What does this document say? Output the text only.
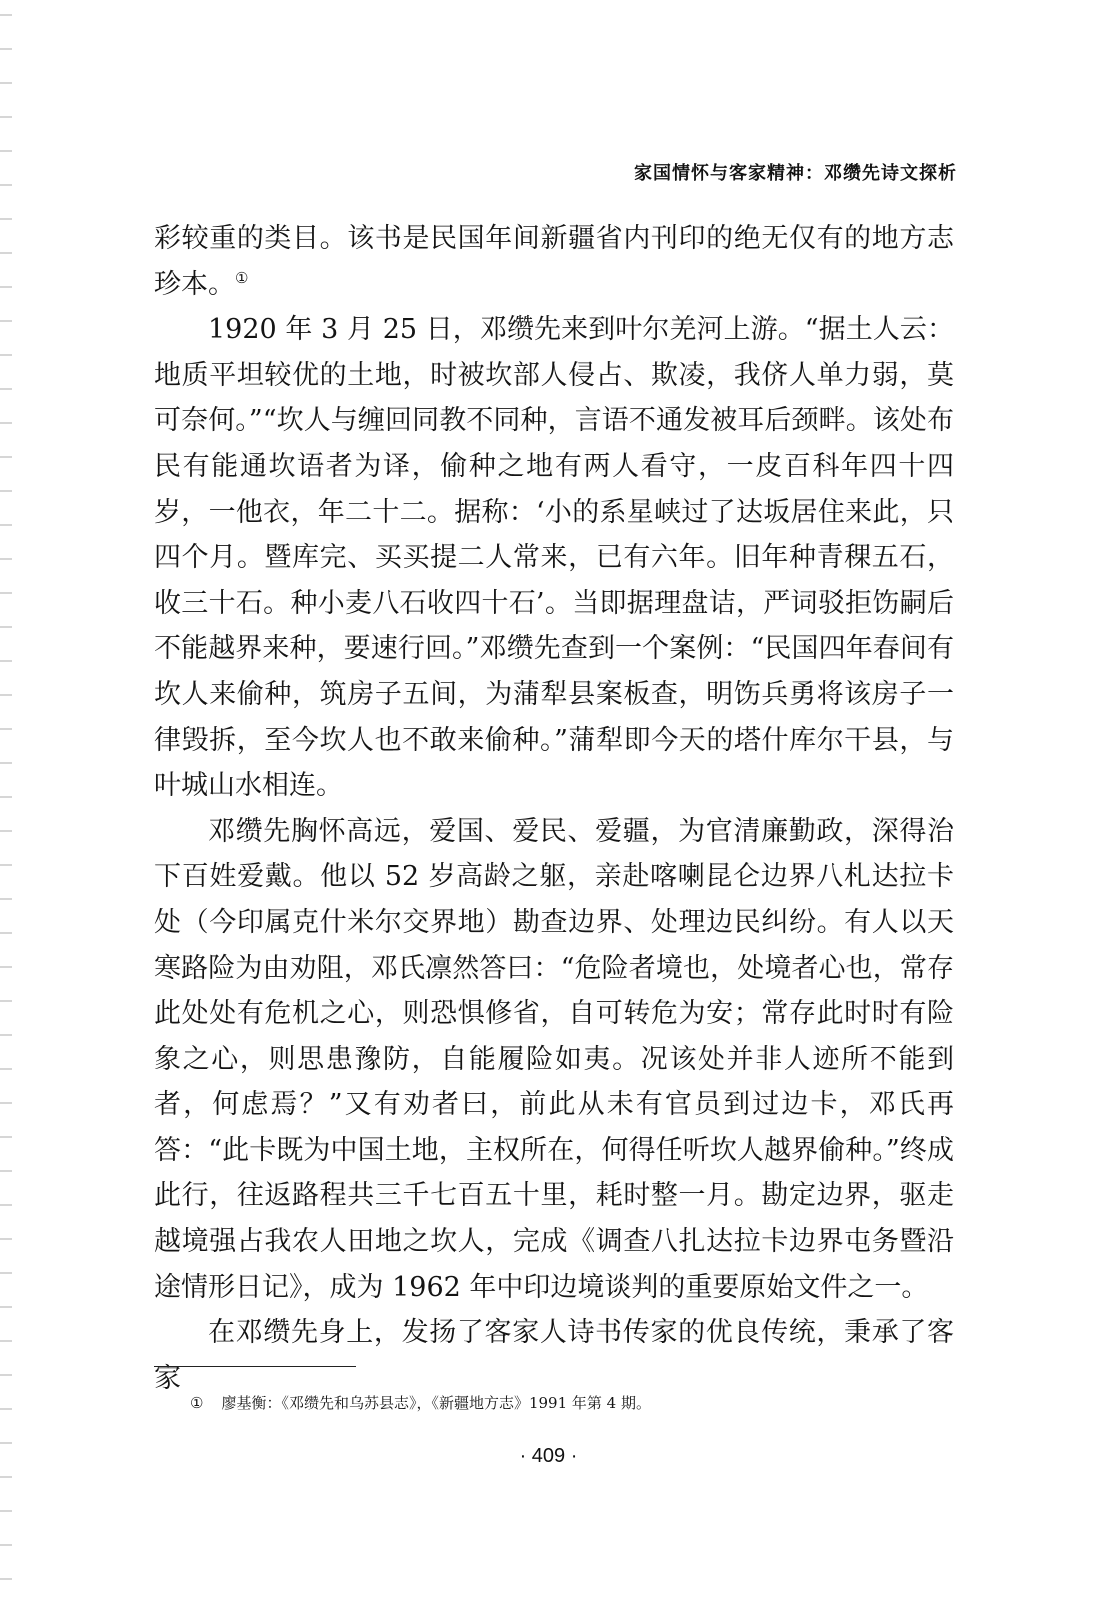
家国情怀与客家精神：邓缵先诗文探析

彩较重的类目。该书是民国年间新疆省内刊印的绝无仅有的地方志珍本。①

1920 年 3 月 25 日，邓缵先来到叶尔羌河上游。“据土人云：地质平坦较优的土地，时被坎部人侵占、欺凌，我侪人单力弱，莫可奈何。”“坎人与缠回同教不同种，言语不通发被耳后颈畔。该处布民有能通坎语者为译，偷种之地有两人看守，一皮百科年四十四岁，一他衣，年二十二。据称：‘小的系星峡过了达坂居住来此，只四个月。暨库完、买买提二人常来，已有六年。旧年种青稞五石，收三十石。种小麦八石收四十石’。当即据理盘诘，严词驳拒饬嗣后不能越界来种，要速行回。”邓缵先查到一个案例：“民国四年春间有坎人来偷种，筑房子五间，为蒲犁县案板查，明饬兵勇将该房子一律毁拆，至今坎人也不敢来偷种。”蒲犁即今天的塔什库尔干县，与叶城山水相连。

邓缵先胸怀高远，爱国、爱民、爱疆，为官清廉勤政，深得治下百姓爱戴。他以 52 岁高龄之躯，亲赴喀喇昆仑边界八札达拉卡处（今印属克什米尔交界地）勘查边界、处理边民纠纷。有人以天寒路险为由劝阻，邓氏凛然答曰：“危险者境也，处境者心也，常存此处处有危机之心，则恐惧修省，自可转危为安；常存此时时有险象之心，则思患豫防，自能履险如夷。况该处并非人迹所不能到者，何虑焉？”又有劝者曰，前此从未有官员到过边卡，邓氏再答：“此卡既为中国土地，主权所在，何得任听坎人越界偷种。”终成此行，往返路程共三千七百五十里，耗时整一月。勘定边界，驱走越境强占我农人田地之坎人，完成《调查八扎达拉卡边界屯务暨沿途情形日记》，成为 1962 年中印边境谈判的重要原始文件之一。

在邓缵先身上，发扬了客家人诗书传家的优良传统，秉承了客家

① 廖基衡：《邓缵先和乌苏县志》，《新疆地方志》1991 年第 4 期。
· 409 ·
